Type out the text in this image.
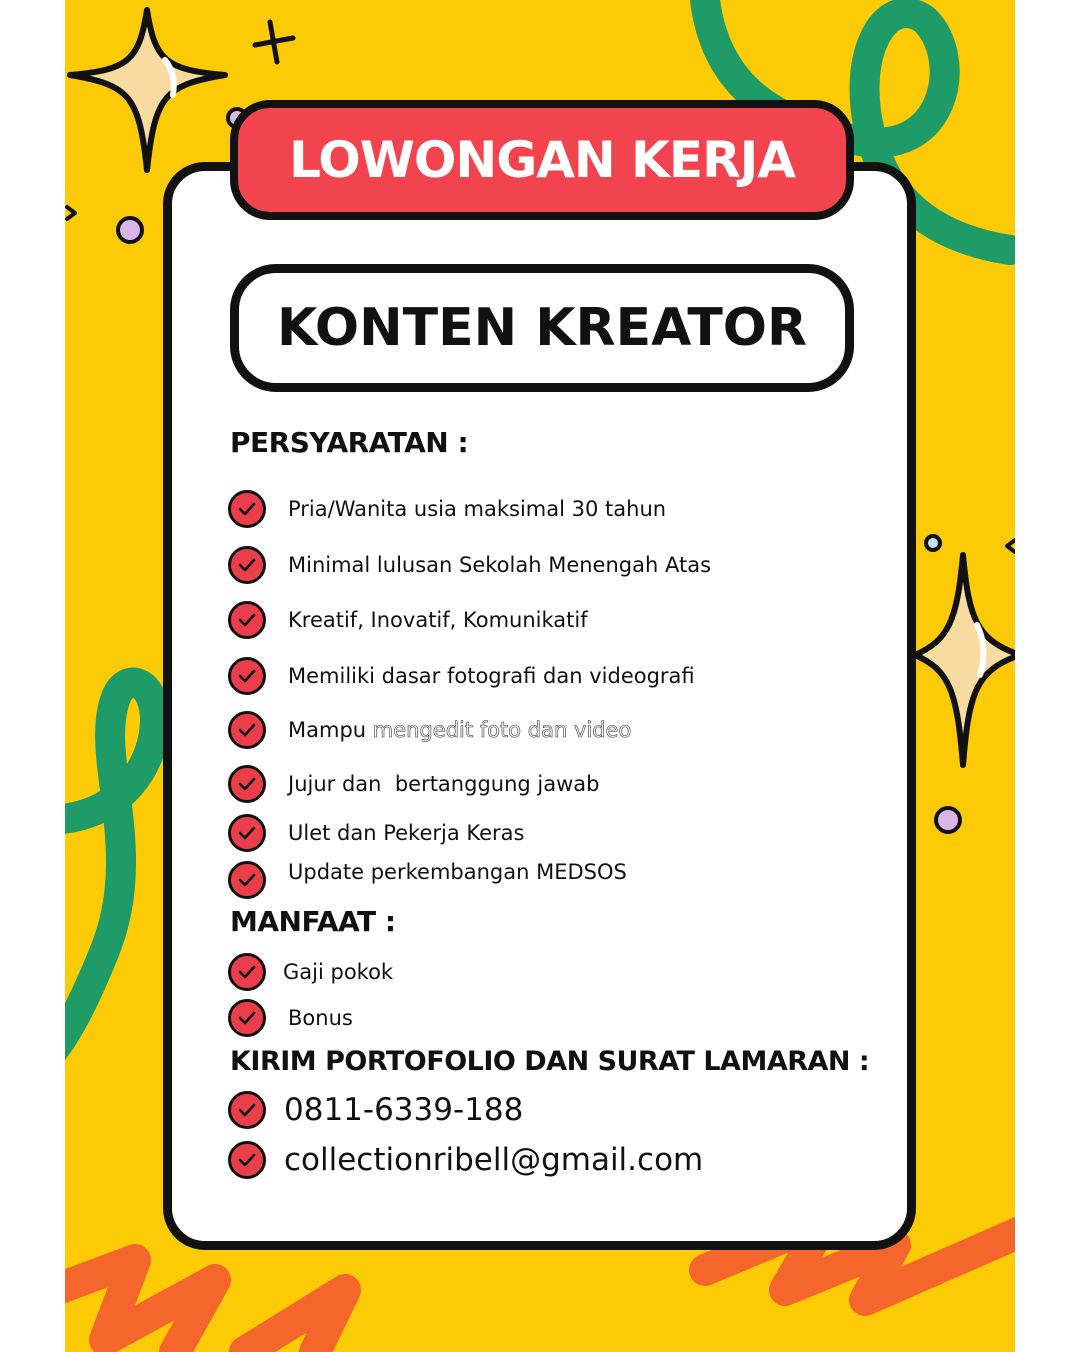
LOWONGAN KERJA
KONTEN KREATOR
PERSYARATAN :
Pria/Wanita usia maksimal 30 tahun
Minimal lulusan Sekolah Menengah Atas
Kreatif, Inovatif, Komunikatif
Memiliki dasar fotografi dan videografi
Mampu mengedit foto dan video
Jujur dan  bertanggung jawab
Ulet dan Pekerja Keras
Update perkembangan MEDSOS
MANFAAT :
Gaji pokok
Bonus
KIRIM PORTOFOLIO DAN SURAT LAMARAN :
0811-6339-188
collectionribell@gmail.com
